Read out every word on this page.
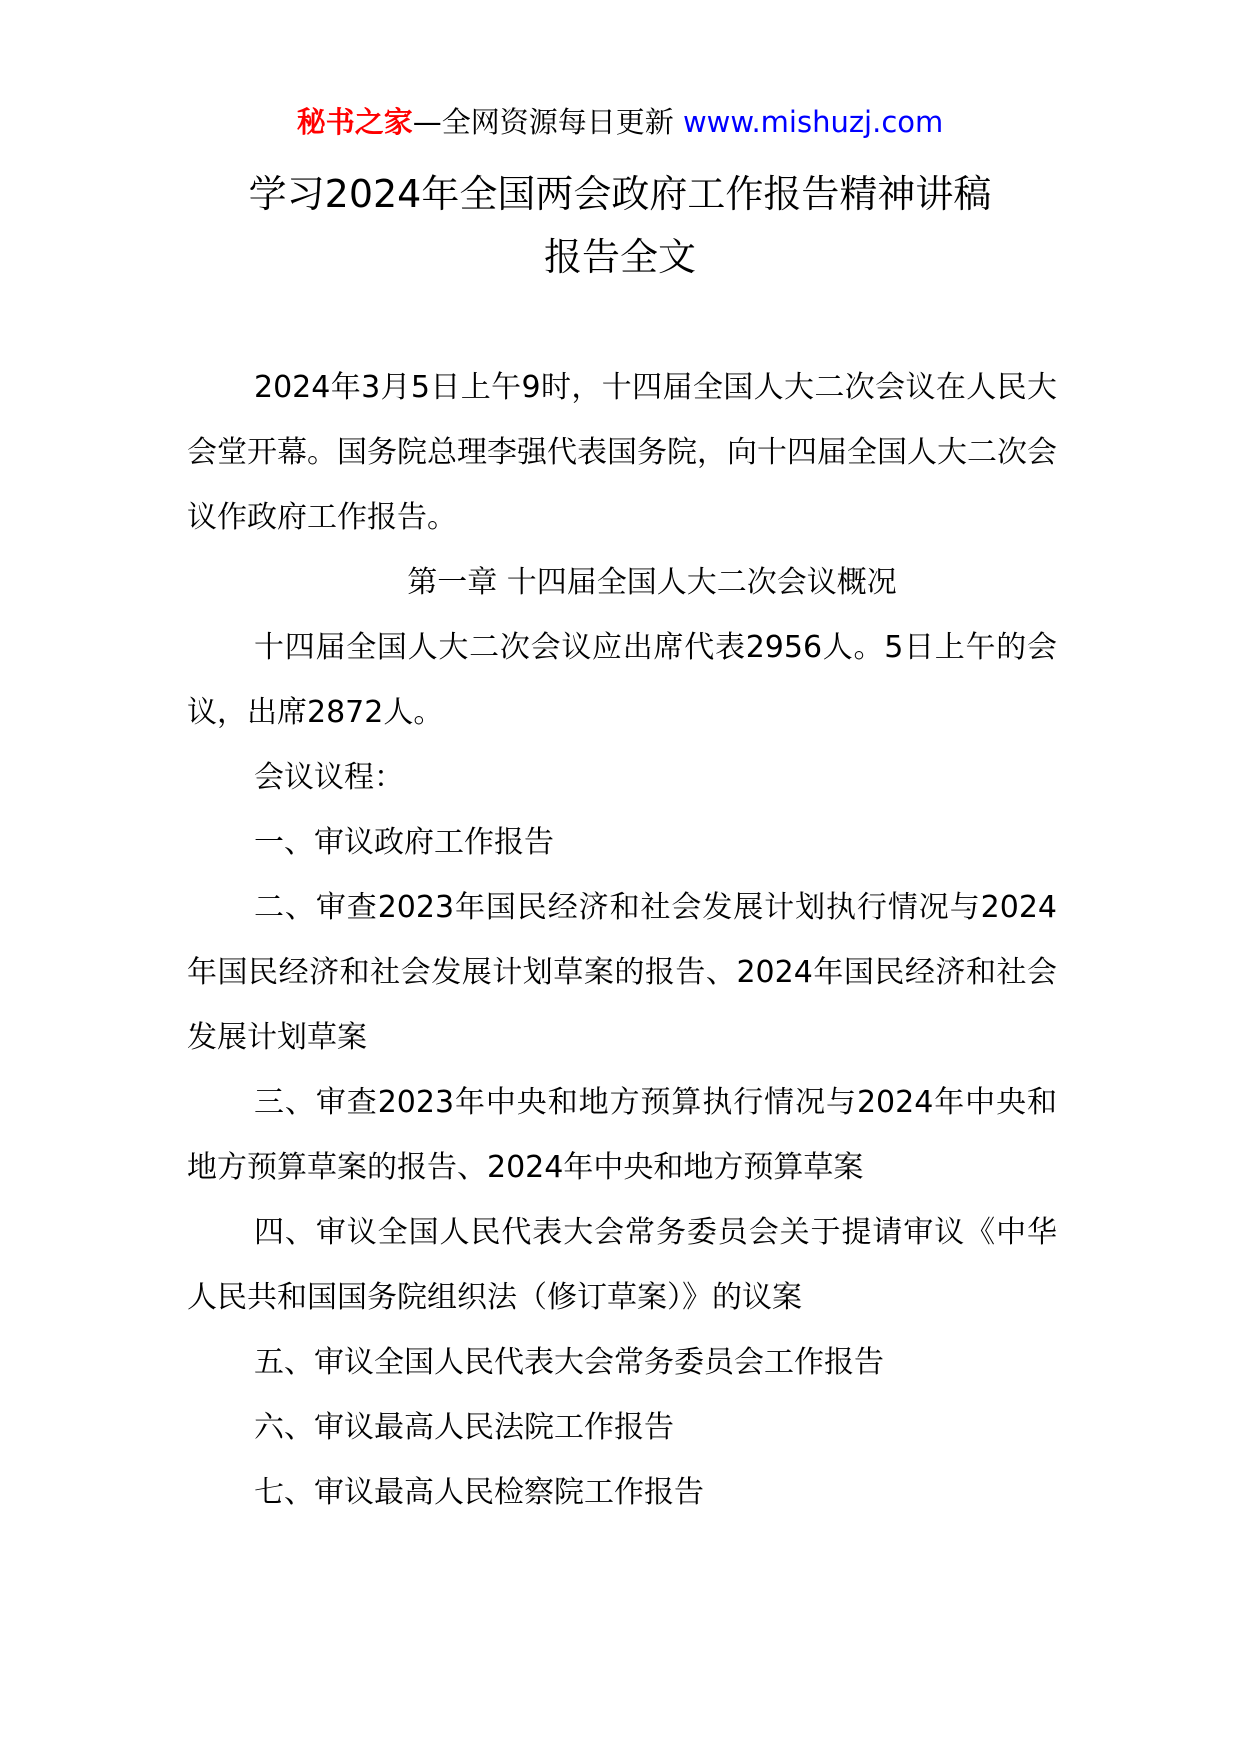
秘书之家—全网资源每日更新 www.mishuzj.com
学习2024年全国两会政府工作报告精神讲稿
报告全文

2024年3月5日上午9时，十四届全国人大二次会议在人民大会堂开幕。国务院总理李强代表国务院，向十四届全国人大二次会议作政府工作报告。

第一章 十四届全国人大二次会议概况

十四届全国人大二次会议应出席代表2956人。5日上午的会议，出席2872人。

会议议程：

一、审议政府工作报告

二、审查2023年国民经济和社会发展计划执行情况与2024年国民经济和社会发展计划草案的报告、2024年国民经济和社会发展计划草案

三、审查2023年中央和地方预算执行情况与2024年中央和地方预算草案的报告、2024年中央和地方预算草案

四、审议全国人民代表大会常务委员会关于提请审议《中华人民共和国国务院组织法（修订草案）》的议案

五、审议全国人民代表大会常务委员会工作报告

六、审议最高人民法院工作报告

七、审议最高人民检察院工作报告
